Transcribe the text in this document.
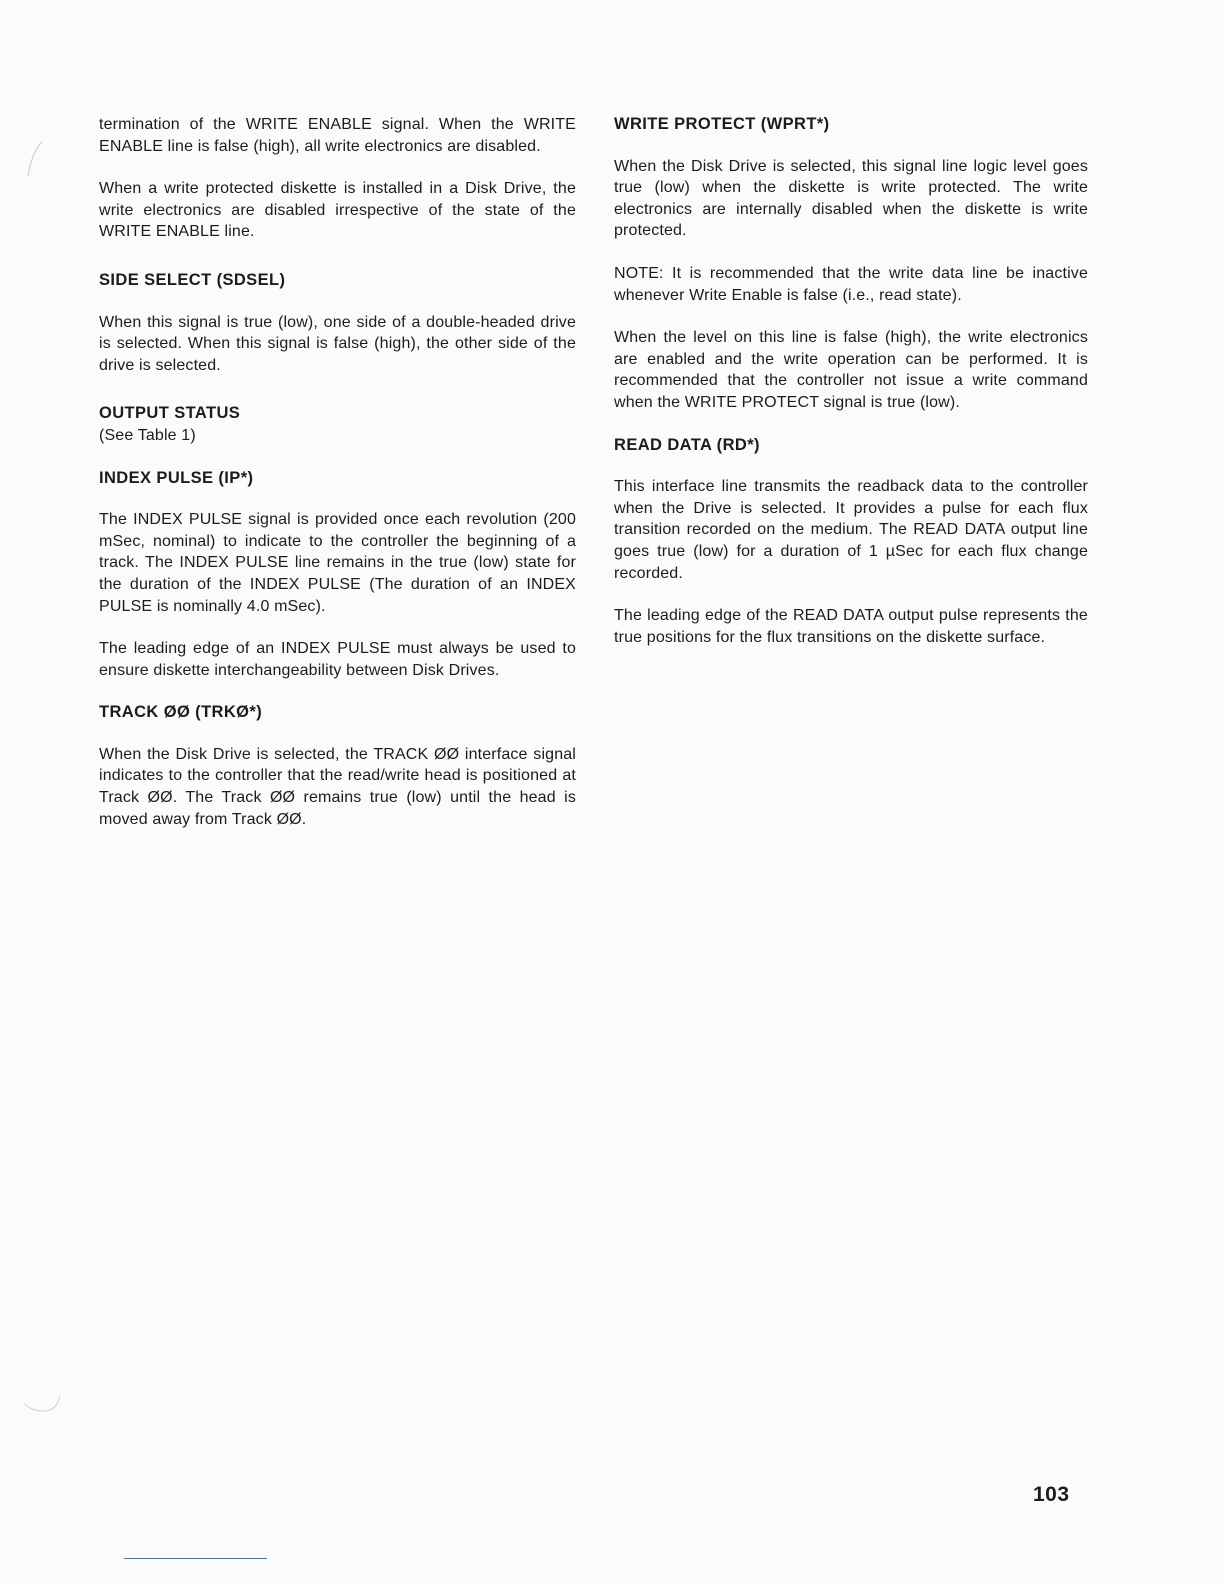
termination of the WRITE ENABLE signal. When the WRITE ENABLE line is false (high), all write electronics are disabled.

When a write protected diskette is installed in a Disk Drive, the write electronics are disabled irrespective of the state of the WRITE ENABLE line.

SIDE SELECT (SDSEL)

When this signal is true (low), one side of a double-headed drive is selected. When this signal is false (high), the other side of the drive is selected.

OUTPUT STATUS

(See Table 1)

INDEX PULSE (IP*)

The INDEX PULSE signal is provided once each revolution (200 mSec, nominal) to indicate to the controller the beginning of a track. The INDEX PULSE line remains in the true (low) state for the duration of the INDEX PULSE (The duration of an INDEX PULSE is nominally 4.0 mSec).

The leading edge of an INDEX PULSE must always be used to ensure diskette interchangeability between Disk Drives.

TRACK ØØ (TRKØ*)

When the Disk Drive is selected, the TRACK ØØ interface signal indicates to the controller that the read/write head is positioned at Track ØØ. The Track ØØ remains true (low) until the head is moved away from Track ØØ.

WRITE PROTECT (WPRT*)

When the Disk Drive is selected, this signal line logic level goes true (low) when the diskette is write protected. The write electronics are internally disabled when the diskette is write protected.

NOTE: It is recommended that the write data line be inactive whenever Write Enable is false (i.e., read state).

When the level on this line is false (high), the write electronics are enabled and the write operation can be performed. It is recommended that the controller not issue a write command when the WRITE PROTECT signal is true (low).

READ DATA (RD*)

This interface line transmits the readback data to the controller when the Drive is selected. It provides a pulse for each flux transition recorded on the medium. The READ DATA output line goes true (low) for a duration of 1 µSec for each flux change recorded.

The leading edge of the READ DATA output pulse represents the true positions for the flux transitions on the diskette surface.

103
